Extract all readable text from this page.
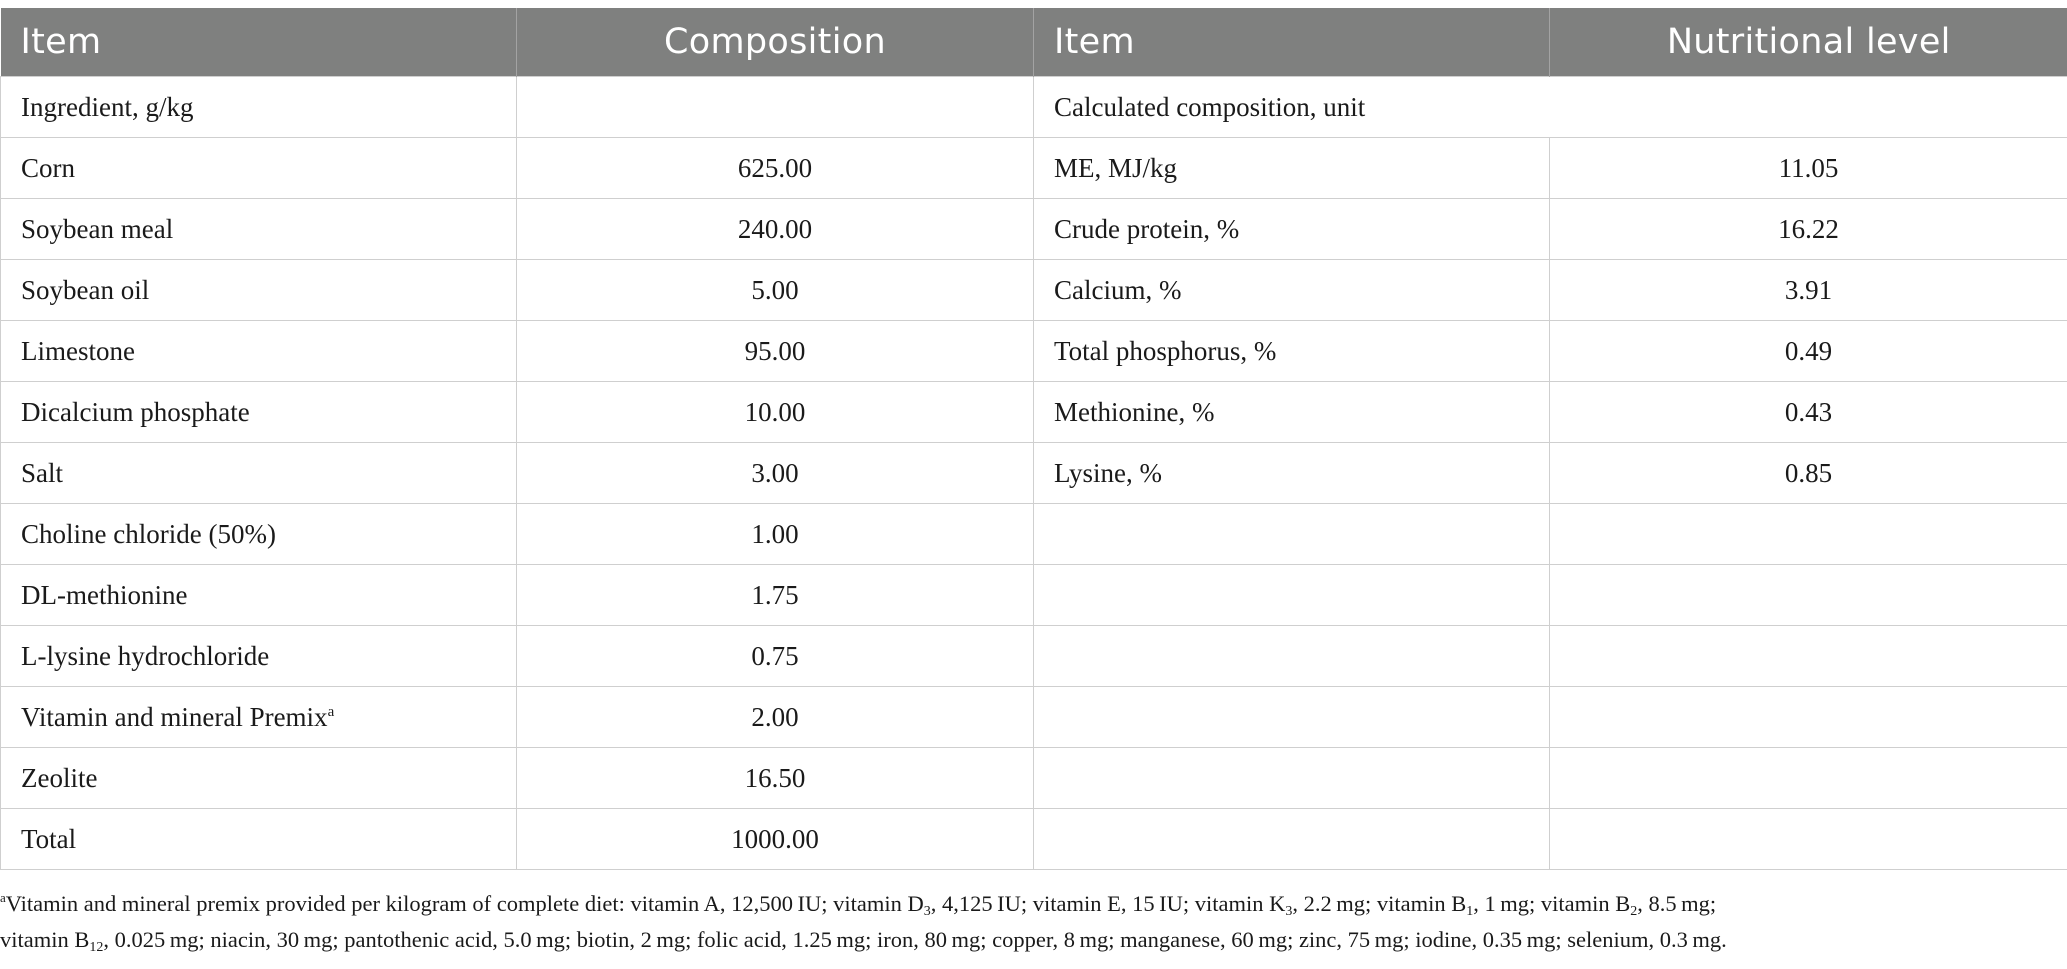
Item	Composition	Item	Nutritional level
Ingredient, g/kg		Calculated composition, unit	
Corn	625.00	ME, MJ/kg	11.05
Soybean meal	240.00	Crude protein, %	16.22
Soybean oil	5.00	Calcium, %	3.91
Limestone	95.00	Total phosphorus, %	0.49
Dicalcium phosphate	10.00	Methionine, %	0.43
Salt	3.00	Lysine, %	0.85
Choline chloride (50%)	1.00		
DL-methionine	1.75		
L-lysine hydrochloride	0.75		
Vitamin and mineral Premix$^a$	2.00		
Zeolite	16.50		
Total	1000.00		
$^a$Vitamin and mineral premix provided per kilogram of complete diet: vitamin A, 12,500 IU; vitamin $D_3$, 4,125 IU; vitamin E, 15 IU; vitamin $K_3$, 2.2 mg; vitamin $B_1$, 1 mg; vitamin $B_2$, 8.5 mg;
vitamin $B_{12}$, 0.025 mg; niacin, 30 mg; pantothenic acid, 5.0 mg; biotin, 2 mg; folic acid, 1.25 mg; iron, 80 mg; copper, 8 mg; manganese, 60 mg; zinc, 75 mg; iodine, 0.35 mg; selenium, 0.3 mg.
